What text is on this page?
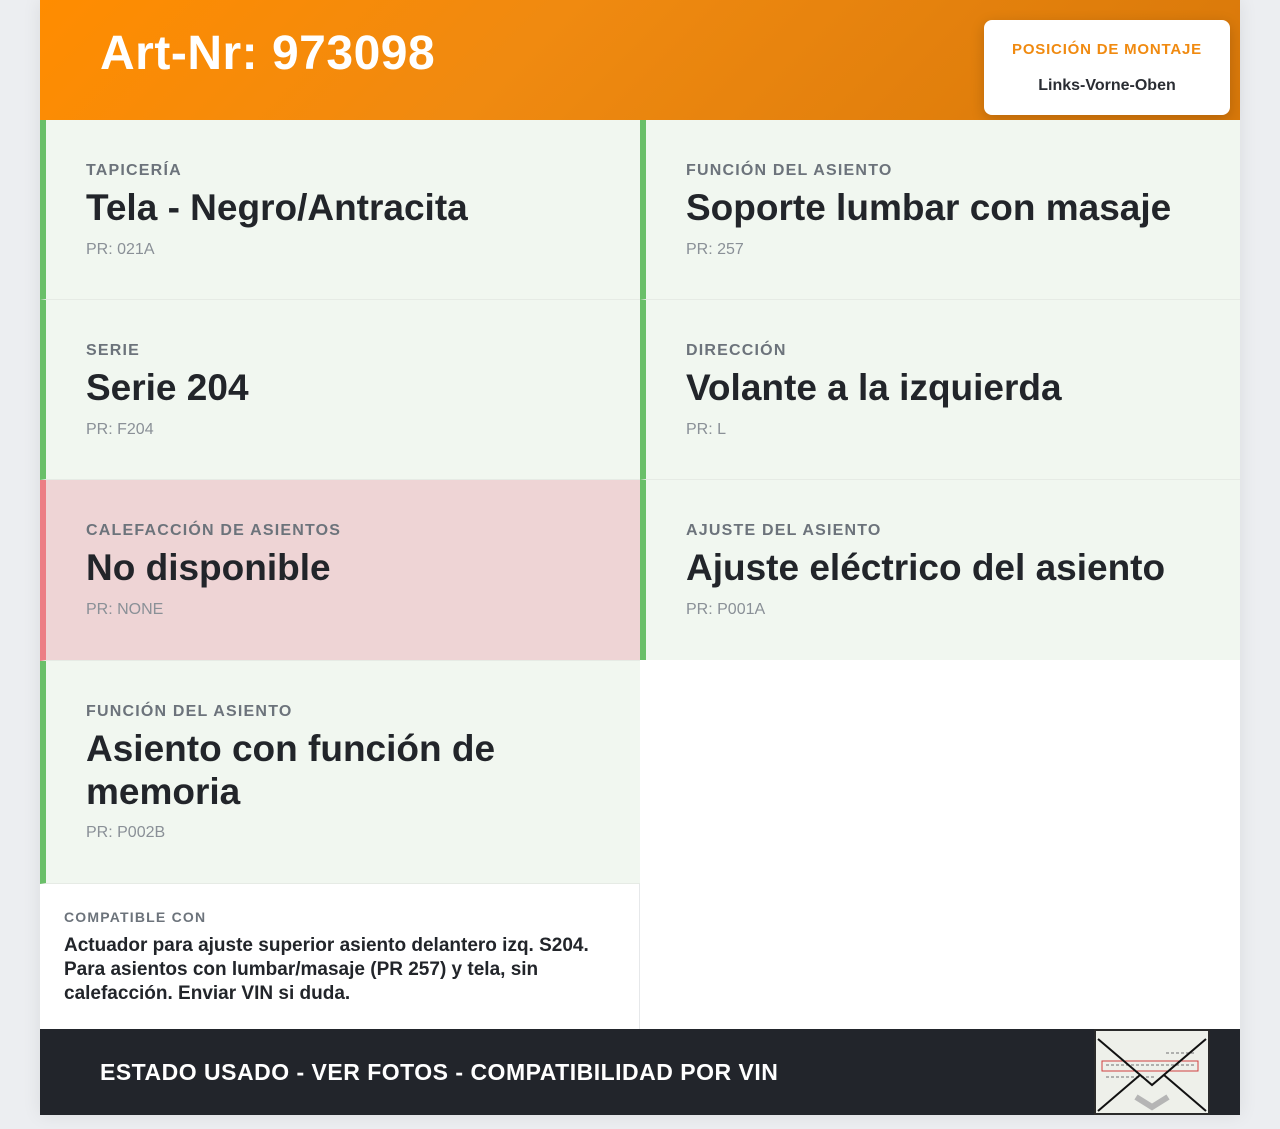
Art-Nr: 973098	POSICIÓN DE MONTAJE
Links-Vorne-Oben
TAPICERÍA
Tela - Negro/Antracita
PR: 021A
FUNCIÓN DEL ASIENTO
Soporte lumbar con masaje
PR: 257
SERIE
Serie 204
PR: F204
DIRECCIÓN
Volante a la izquierda
PR: L
CALEFACCIÓN DE ASIENTOS
No disponible
PR: NONE
AJUSTE DEL ASIENTO
Ajuste eléctrico del asiento
PR: P001A
FUNCIÓN DEL ASIENTO
Asiento con función de memoria
PR: P002B
COMPATIBLE CON
Actuador para ajuste superior asiento delantero izq. S204. Para asientos con lumbar/masaje (PR 257) y tela, sin calefacción. Enviar VIN si duda.
ESTADO USADO - VER FOTOS - COMPATIBILIDAD POR VIN
